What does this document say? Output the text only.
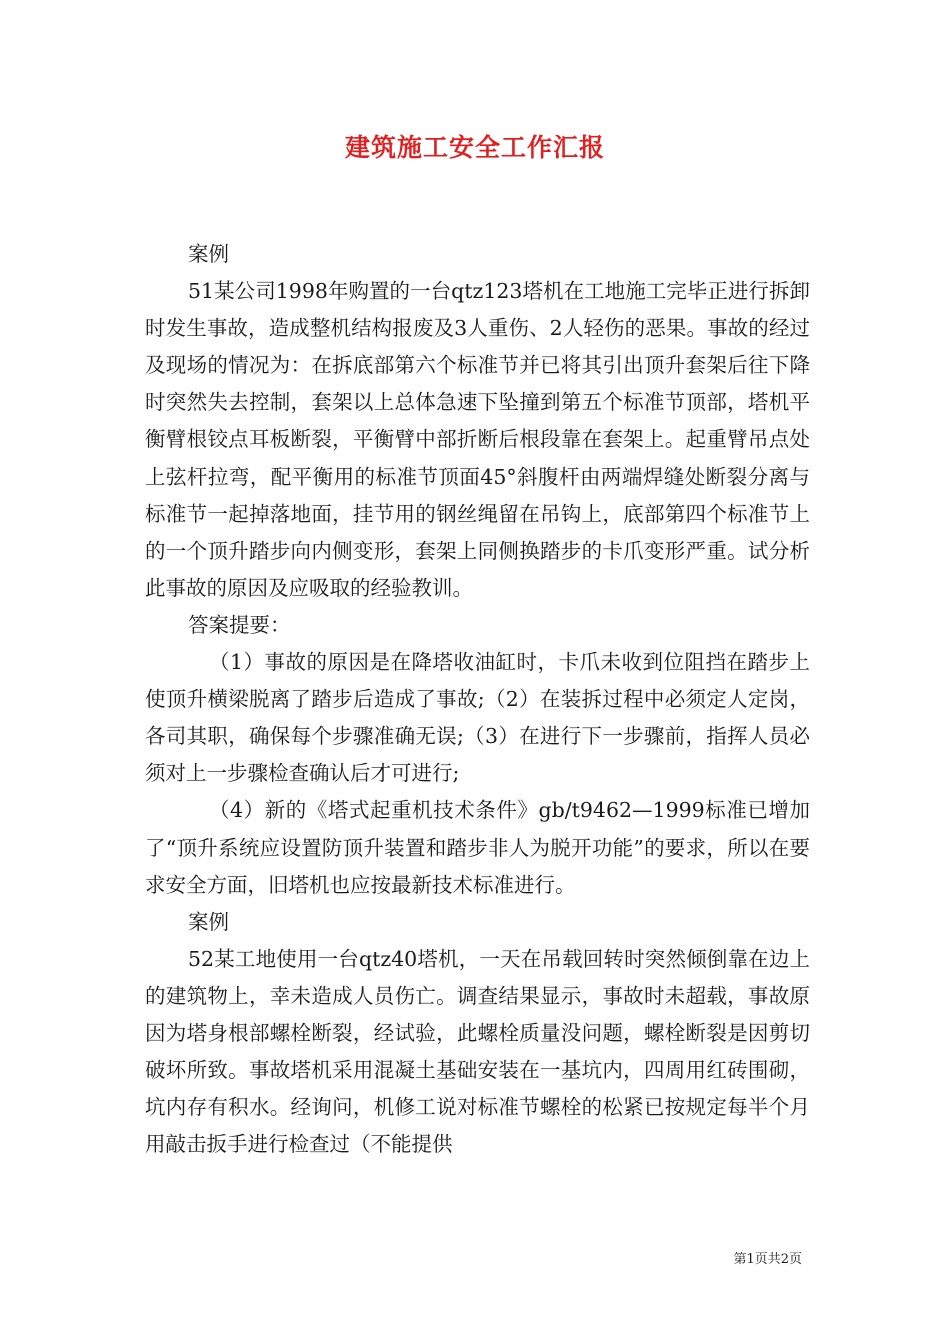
建筑施工安全工作汇报

案例

51某公司1998年购置的一台qtz123塔机在工地施工完毕正进行拆卸时发生事故，造成整机结构报废及3人重伤、2人轻伤的恶果。事故的经过及现场的情况为：在拆底部第六个标准节并已将其引出顶升套架后往下降时突然失去控制，套架以上总体急速下坠撞到第五个标准节顶部，塔机平衡臂根铰点耳板断裂，平衡臂中部折断后根段靠在套架上。起重臂吊点处上弦杆拉弯，配平衡用的标准节顶面45°斜腹杆由两端焊缝处断裂分离与标准节一起掉落地面，挂节用的钢丝绳留在吊钩上，底部第四个标准节上的一个顶升踏步向内侧变形，套架上同侧换踏步的卡爪变形严重。试分析此事故的原因及应吸取的经验教训。

答案提要：

（1）事故的原因是在降塔收油缸时，卡爪未收到位阻挡在踏步上使顶升横梁脱离了踏步后造成了事故;（2）在装拆过程中必须定人定岗，各司其职，确保每个步骤准确无误;（3）在进行下一步骤前，指挥人员必须对上一步骤检查确认后才可进行;

（4）新的《塔式起重机技术条件》gb/t9462—1999标准已增加了“顶升系统应设置防顶升装置和踏步非人为脱开功能”的要求，所以在要求安全方面，旧塔机也应按最新技术标准进行。

案例

52某工地使用一台qtz40塔机，一天在吊载回转时突然倾倒靠在边上的建筑物上，幸未造成人员伤亡。调查结果显示，事故时未超载，事故原因为塔身根部螺栓断裂，经试验，此螺栓质量没问题，螺栓断裂是因剪切破坏所致。事故塔机采用混凝土基础安装在一基坑内，四周用红砖围砌，坑内存有积水。经询问，机修工说对标准节螺栓的松紧已按规定每半个月用敲击扳手进行检查过（不能提供

第1页共2页
